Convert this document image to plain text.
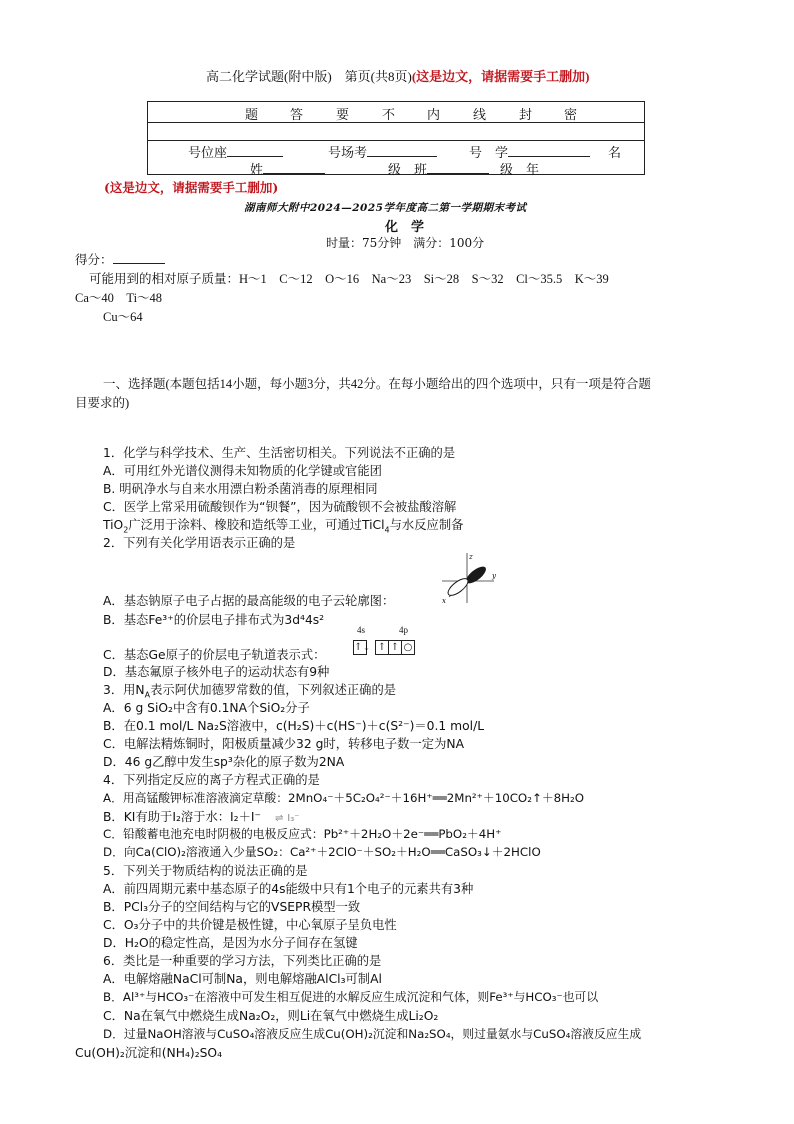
高二化学试题(附中版)　第页(共8页)(这是边文，请据需要手工删加)
题 答	要	不 内	线	封 密
号位座	号场考	号　学	名
姓	级　班	级　年
(这是边文，请据需要手工删加)
湖南师大附中2024—2025学年度高二第一学期期末考试
化　学
时量：75分钟　满分：100分
得分：
可能用到的相对原子质量：H～1　C～12　O～16　Na～23　Si～28　S～32　Cl～35.5　K～39
Ca～40　Ti～48
Cu～64
一、选择题(本题包括14小题，每小题3分，共42分。在每小题给出的四个选项中，只有一项是符合题
目要求的)
1．化学与科学技术、生产、生活密切相关。下列说法不正确的是
A．可用红外光谱仪测得未知物质的化学键或官能团
B. 明矾净水与自来水用漂白粉杀菌消毒的原理相同
C．医学上常采用硫酸钡作为“钡餐”，因为硫酸钡不会被盐酸溶解
TiO$_2$广泛用于涂料、橡胶和造纸等工业，可通过TiCl$_4$与水反应制备
2．下列有关化学用语表示正确的是
z
y
x
A．基态钠原子电子占据的最高能级的电子云轮廓图：
B．基态Fe³⁺的价层电子排布式为3d⁴4s²
4s	4p
C．基态Ge原子的价层电子轨道表示式：
↑↓ ↑ ↑ ○
D．基态氟原子核外电子的运动状态有9种
3．用$N_A$表示阿伏加德罗常数的值，下列叙述正确的是
A．6 g SiO₂中含有0.1NA个SiO₂分子
B．在0.1 mol/L Na₂S溶液中，c(H₂S)＋c(HS⁻)＋c(S²⁻)＝0.1 mol/L
C．电解法精炼铜时，阳极质量减少32 g时，转移电子数一定为NA
D．46 g乙醇中发生sp³杂化的原子数为2NA
4．下列指定反应的离子方程式正确的是
A．用高锰酸钾标准溶液滴定草酸：2MnO₄⁻＋5C₂O₄²⁻＋16H⁺══2Mn²⁺＋10CO₂↑＋8H₂O
B．KI有助于I₂溶于水：I₂＋I⁻ ⇌ I₃⁻
C．铅酸蓄电池充电时阴极的电极反应式：Pb²⁺＋2H₂O＋2e⁻══PbO₂＋4H⁺
D．向Ca(ClO)₂溶液通入少量SO₂：Ca²⁺＋2ClO⁻＋SO₂＋H₂O══CaSO₃↓＋2HClO
5．下列关于物质结构的说法正确的是
A．前四周期元素中基态原子的4s能级中只有1个电子的元素共有3种
B．PCl₃分子的空间结构与它的VSEPR模型一致
C．O₃分子中的共价键是极性键，中心氧原子呈负电性
D．H₂O的稳定性高，是因为水分子间存在氢键
6．类比是一种重要的学习方法，下列类比正确的是
A．电解熔融NaCl可制Na，则电解熔融AlCl₃可制Al
B．Al³⁺与HCO₃⁻在溶液中可发生相互促进的水解反应生成沉淀和气体，则Fe³⁺与HCO₃⁻也可以
C．Na在氧气中燃烧生成Na₂O₂，则Li在氧气中燃烧生成Li₂O₂
D．过量NaOH溶液与CuSO₄溶液反应生成Cu(OH)₂沉淀和Na₂SO₄，则过量氨水与CuSO₄溶液反应生成
Cu(OH)₂沉淀和(NH₄)₂SO₄
